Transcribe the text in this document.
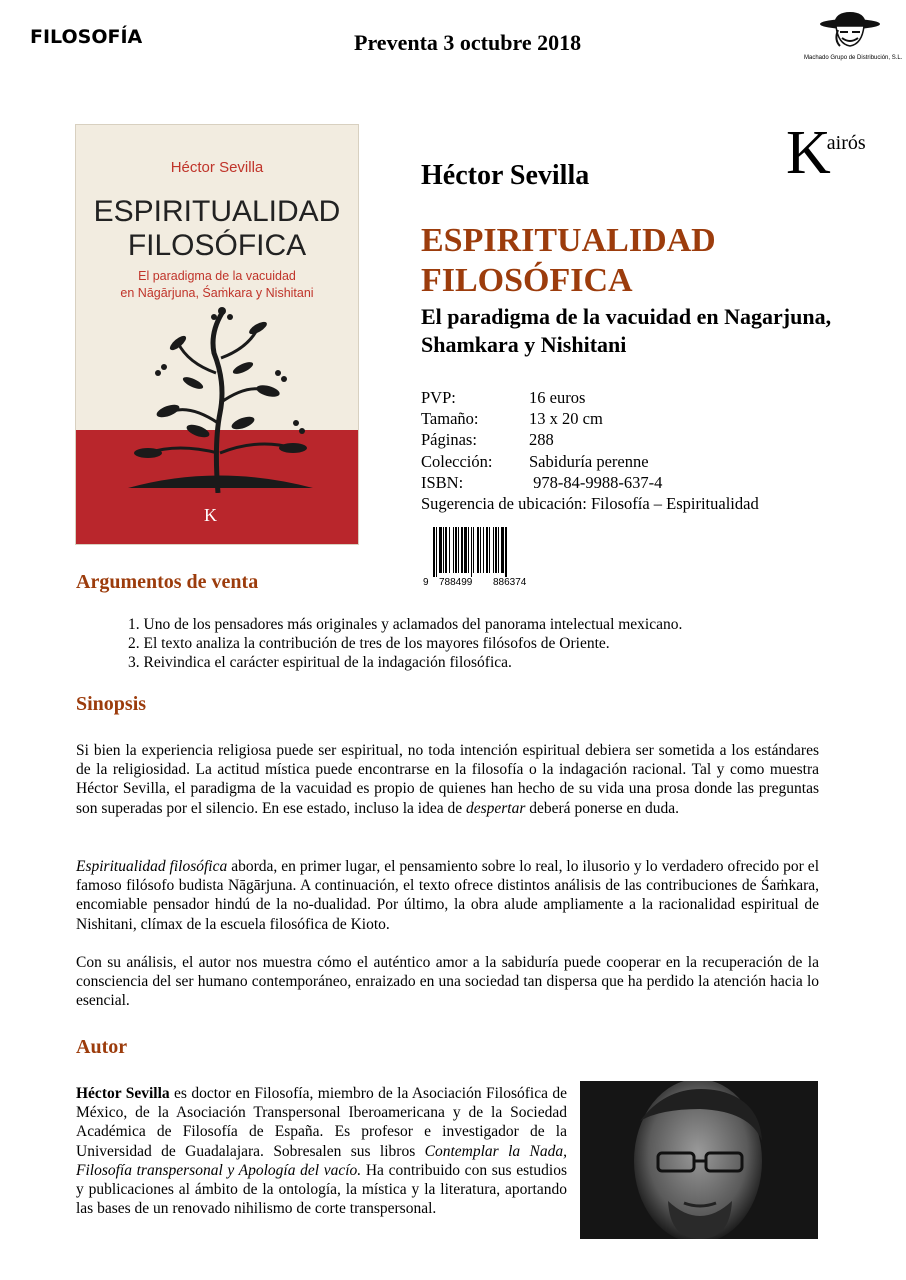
FILOSOFÍA	Preventa 3 octubre 2018
Machado Grupo de Distribución, S.L.
Héctor Sevilla
ESPIRITUALIDAD
FILOSÓFICA
El paradigma de la vacuidad
en Nāgārjuna, Śaṁkara y Nishitani
K
$K^{airós}$
Héctor Sevilla
ESPIRITUALIDAD
FILOSÓFICA
El paradigma de la vacuidad en Nagarjuna, Shamkara y Nishitani
PVP:	16 euros
Tamaño:	13 x 20 cm
Páginas:	288
Colección: Sabiduría perenne
ISBN:	978-84-9988-637-4
Sugerencia de ubicación: Filosofía – Espiritualidad
9 788499 886374
Argumentos de venta
1. Uno de los pensadores más originales y aclamados del panorama intelectual mexicano.
2. El texto analiza la contribución de tres de los mayores filósofos de Oriente.
3. Reivindica el carácter espiritual de la indagación filosófica.
Sinopsis
Si bien la experiencia religiosa puede ser espiritual, no toda intención espiritual debiera ser sometida a los estándares de la religiosidad. La actitud mística puede encontrarse en la filosofía o la indagación racional. Tal y como muestra Héctor Sevilla, el paradigma de la vacuidad es propio de quienes han hecho de su vida una prosa donde las preguntas son superadas por el silencio. En ese estado, incluso la idea de despertar deberá ponerse en duda.
Espiritualidad filosófica aborda, en primer lugar, el pensamiento sobre lo real, lo ilusorio y lo verdadero ofrecido por el famoso filósofo budista Nāgārjuna. A continuación, el texto ofrece distintos análisis de las contribuciones de Śaṁkara, encomiable pensador hindú de la no-dualidad. Por último, la obra alude ampliamente a la racionalidad espiritual de Nishitani, clímax de la escuela filosófica de Kioto.
Con su análisis, el autor nos muestra cómo el auténtico amor a la sabiduría puede cooperar en la recuperación de la consciencia del ser humano contemporáneo, enraizado en una sociedad tan dispersa que ha perdido la atención hacia lo esencial.
Autor
Héctor Sevilla es doctor en Filosofía, miembro de la Asociación Filosófica de México, de la Asociación Transpersonal Iberoamericana y de la Sociedad Académica de Filosofía de España. Es profesor e investigador de la Universidad de Guadalajara. Sobresalen sus libros Contemplar la Nada, Filosofía transpersonal y Apología del vacío. Ha contribuido con sus estudios y publicaciones al ámbito de la ontología, la mística y la literatura, aportando las bases de un renovado nihilismo de corte transpersonal.
